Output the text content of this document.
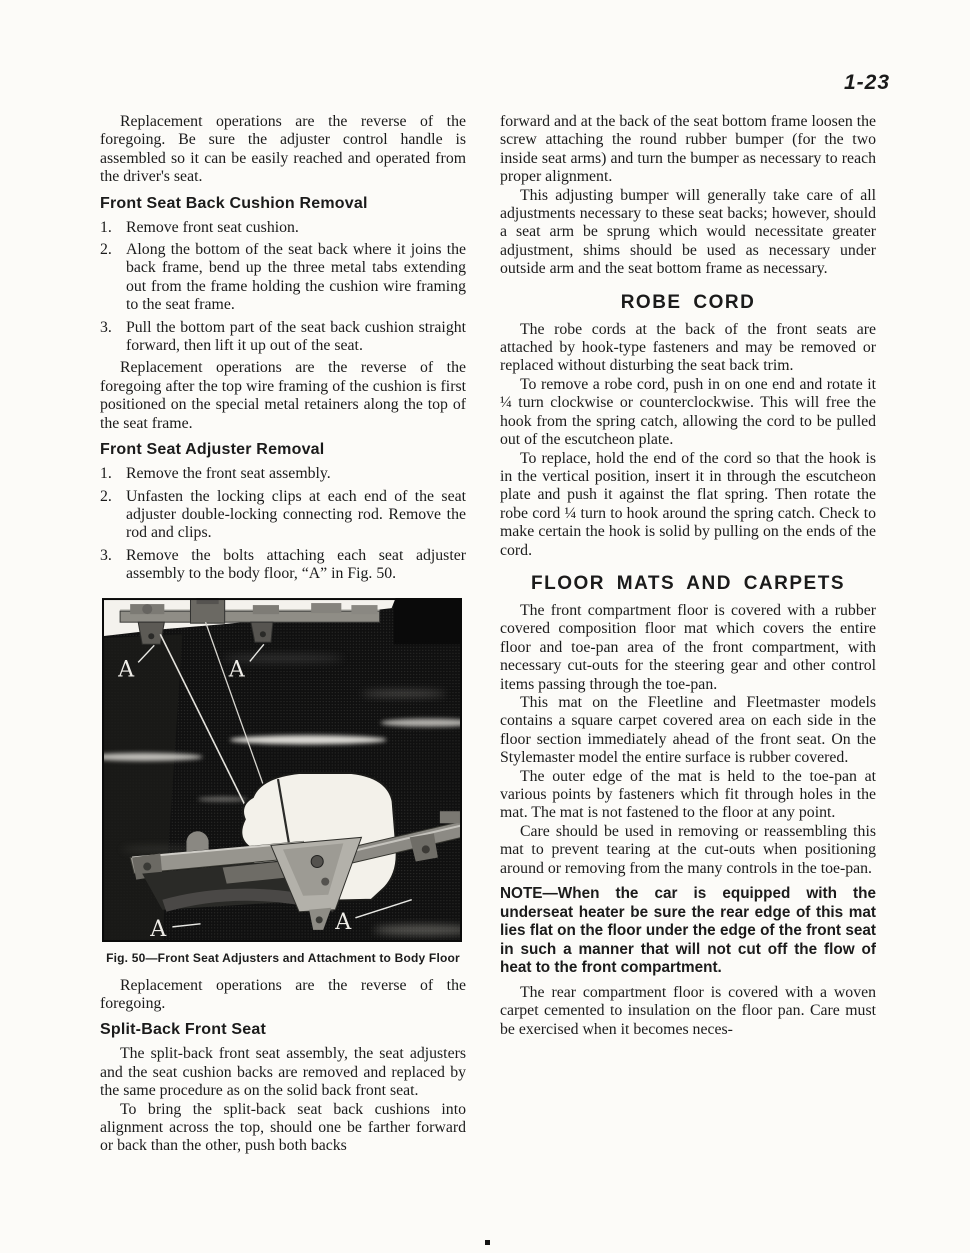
1-23

Replacement operations are the reverse of the foregoing. Be sure the adjuster control handle is assembled so it can be easily reached and operated from the driver's seat.

Front Seat Back Cushion Removal
1. Remove front seat cushion.
2. Along the bottom of the seat back where it joins the back frame, bend up the three metal tabs extending out from the frame holding the cushion wire framing to the seat frame.
3. Pull the bottom part of the seat back cushion straight forward, then lift it up out of the seat.

Replacement operations are the reverse of the foregoing after the top wire framing of the cushion is first positioned on the special metal retainers along the top of the seat frame.

Front Seat Adjuster Removal
1. Remove the front seat assembly.
2. Unfasten the locking clips at each end of the seat adjuster double-locking connecting rod. Remove the rod and clips.
3. Remove the bolts attaching each seat adjuster assembly to the body floor, “A” in Fig. 50.
A	A
A	A
Fig. 50—Front Seat Adjusters and Attachment to Body Floor

Replacement operations are the reverse of the foregoing.

Split-Back Front Seat

The split-back front seat assembly, the seat adjusters and the seat cushion backs are removed and replaced by the same procedure as on the solid back front seat.

To bring the split-back seat back cushions into alignment across the top, should one be farther forward or back than the other, push both backs

forward and at the back of the seat bottom frame loosen the screw attaching the round rubber bumper (for the two inside seat arms) and turn the bumper as necessary to reach proper alignment.

This adjusting bumper will generally take care of all adjustments necessary to these seat backs; however, should a seat arm be sprung which would necessitate greater adjustment, shims should be used as necessary under outside arm and the seat bottom frame as necessary.

ROBE CORD

The robe cords at the back of the front seats are attached by hook-type fasteners and may be removed or replaced without disturbing the seat back trim.

To remove a robe cord, push in on one end and rotate it ¼ turn clockwise or counterclockwise. This will free the hook from the spring catch, allowing the cord to be pulled out of the escutcheon plate.

To replace, hold the end of the cord so that the hook is in the vertical position, insert it in through the escutcheon plate and push it against the flat spring. Then rotate the robe cord ¼ turn to hook around the spring catch. Check to make certain the hook is solid by pulling on the ends of the cord.

FLOOR MATS AND CARPETS

The front compartment floor is covered with a rubber covered composition floor mat which covers the entire floor and toe-pan area of the front compartment, with necessary cut-outs for the steering gear and other control items passing through the toe-pan.

This mat on the Fleetline and Fleetmaster models contains a square carpet covered area on each side in the floor section immediately ahead of the front seat. On the Stylemaster model the entire surface is rubber covered.

The outer edge of the mat is held to the toe-pan at various points by fasteners which fit through holes in the mat. The mat is not fastened to the floor at any point.

Care should be used in removing or reassembling this mat to prevent tearing at the cut-outs when positioning around or removing from the many controls in the toe-pan.

NOTE—When the car is equipped with the underseat heater be sure the rear edge of this mat lies flat on the floor under the edge of the front seat in such a manner that will not cut off the flow of heat to the front compartment.

The rear compartment floor is covered with a woven carpet cemented to insulation on the floor pan. Care must be exercised when it becomes neces-
